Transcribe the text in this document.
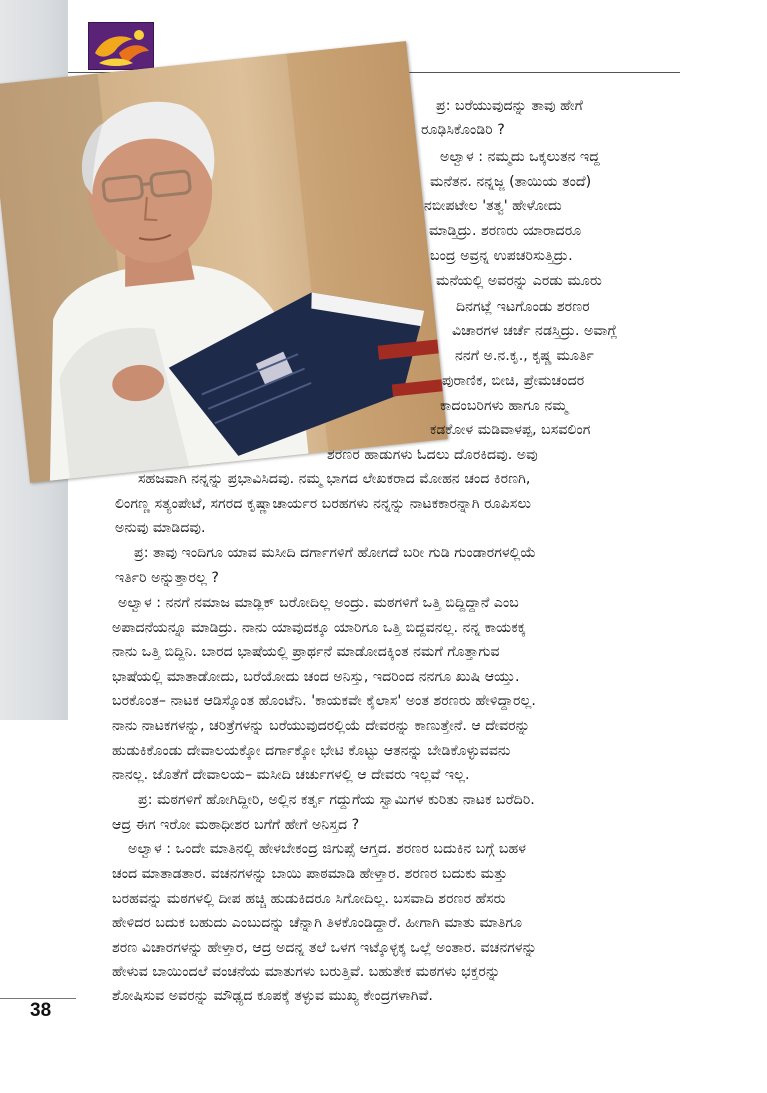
ಪ್ರ: ಬರೆಯುವುದನ್ನು ತಾವು ಹೇಗೆ
ರೂಢಿಸಿಕೊಂಡಿರಿ ?
ಅಲ್ವಾಳ : ನಮ್ಮದು ಒಕ್ಕಲುತನ ಇದ್ದ
ಮನೆತನ. ನನ್ನಜ್ಜ (ತಾಯಿಯ ತಂದೆ)
ನಬೀಪಟೇಲ 'ತತ್ವ' ಹೇಳೋದು
ಮಾಡ್ತಿದ್ರು. ಶರಣರು ಯಾರಾದರೂ
ಬಂದ್ರ ಅವ್ರನ್ನ ಉಪಚರಿಸುತ್ತಿದ್ರು.
ಮನೆಯಲ್ಲಿ ಅವರನ್ನು ಎರಡು ಮೂರು
ದಿನಗಟ್ಲೆ ಇಟಗೊಂಡು ಶರಣರ
ವಿಚಾರಗಳ ಚರ್ಚೆ ನಡಸ್ತಿದ್ರು. ಅವಾಗ್ಲೆ
ನನಗೆ ಅ.ನ.ಕೃ., ಕೃಷ್ಣ ಮೂರ್ತಿ
ಪುರಾಣಿಕ, ಬೀಚಿ, ಪ್ರೇಮಚಂದರ
ಕಾದಂಬರಿಗಳು ಹಾಗೂ ನಮ್ಮ
ಕಡಕೋಳ ಮಡಿವಾಳಪ್ಪ, ಬಸವಲಿಂಗ
ಶರಣರ ಹಾಡುಗಳು ಓದಲು ದೊರಕಿದವು. ಅವು
ಸಹಜವಾಗಿ ನನ್ನನ್ನು ಪ್ರಭಾವಿಸಿದವು. ನಮ್ಮ ಭಾಗದ ಲೇಖಕರಾದ ಮೋಹನ ಚಂದ ಕಿರಣಗಿ,
ಲಿಂಗಣ್ಣ ಸತ್ಯಂಪೇಟೆ, ಸಗರದ ಕೃಷ್ಣಾಚಾರ್ಯರ ಬರಹಗಳು ನನ್ನನ್ನು ನಾಟಕಕಾರನ್ನಾಗಿ ರೂಪಿಸಲು
ಅನುವು ಮಾಡಿದವು.
ಪ್ರ: ತಾವು ಇಂದಿಗೂ ಯಾವ ಮಸೀದಿ ದರ್ಗಾಗಳಿಗೆ ಹೋಗದೆ ಬರೀ ಗುಡಿ ಗುಂಡಾರಗಳಲ್ಲಿಯೆ
ಇರ್ತಿರಿ ಅನ್ನುತ್ತಾರಲ್ಲ ?
ಅಲ್ವಾಳ : ನನಗೆ ನಮಾಜ ಮಾಡ್ಲಿಕ್ ಬರೋದಿಲ್ಲ ಅಂದ್ರು. ಮಠಗಳಿಗೆ ಒತ್ತಿ ಬಿದ್ದಿದ್ದಾನೆ ಎಂಬ
ಅಪಾದನೆಯನ್ನೂ ಮಾಡಿದ್ರು. ನಾನು ಯಾವುದಕ್ಕೂ ಯಾರಿಗೂ ಒತ್ತಿ ಬಿದ್ದವನಲ್ಲ. ನನ್ನ ಕಾಯಕಕ್ಕ
ನಾನು ಒತ್ತಿ ಬಿದ್ದಿನಿ. ಬಾರದ ಭಾಷೆಯಲ್ಲಿ ಪ್ರಾರ್ಥನೆ ಮಾಡೋದಕ್ಕಿಂತ ನಮಗೆ ಗೊತ್ತಾಗುವ
ಭಾಷೆಯಲ್ಲಿ ಮಾತಾಡೋದು, ಬರೆಯೋದು ಚಂದ ಅನಿಸ್ತು, ಇದರಿಂದ ನನಗೂ ಖುಷಿ ಆಯ್ತು.
ಬರಕೊಂತ– ನಾಟಕ ಆಡಿಸ್ಕೊಂತ ಹೊಂಟೆನಿ. 'ಕಾಯಕವೇ ಕೈಲಾಸ' ಅಂತ ಶರಣರು ಹೇಳಿದ್ದಾರಲ್ಲ.
ನಾನು ನಾಟಕಗಳನ್ನು, ಚರಿತ್ರೆಗಳನ್ನು ಬರೆಯುವುದರಲ್ಲಿಯೆ ದೇವರನ್ನು ಕಾಣುತ್ತೇನೆ. ಆ ದೇವರನ್ನು
ಹುಡುಕಿಕೊಂಡು ದೇವಾಲಯಕ್ಕೋ ದರ್ಗಾಕ್ಕೋ ಭೇಟಿ ಕೊಟ್ಟು ಆತನನ್ನು ಬೇಡಿಕೊಳ್ಳುವವನು
ನಾನಲ್ಲ. ಜೊತೆಗೆ ದೇವಾಲಯ– ಮಸೀದಿ ಚರ್ಚುಗಳಲ್ಲಿ ಆ ದೇವರು ಇಲ್ಲವೆ ಇಲ್ಲ.
ಪ್ರ: ಮಠಗಳಿಗೆ ಹೋಗಿದ್ದೀರಿ, ಅಲ್ಲಿನ ಕರ್ತೃ ಗದ್ದುಗೆಯ ಸ್ವಾಮಿಗಳ ಕುರಿತು ನಾಟಕ ಬರೆದಿರಿ.
ಆದ್ರ ಈಗ ಇರೋ ಮಠಾಧೀಶರ ಬಗೆಗೆ ಹೇಗೆ ಅನಿಸ್ತದ ?
ಅಲ್ವಾಳ : ಒಂದೇ ಮಾತಿನಲ್ಲಿ ಹೇಳಬೇಕಂದ್ರ ಜಿಗುಪ್ಸೆ ಆಗ್ತದ. ಶರಣರ ಬದುಕಿನ ಬಗ್ಗೆ ಬಹಳ
ಚಂದ ಮಾತಾಡತಾರ. ವಚನಗಳನ್ನು ಬಾಯಿ ಪಾಠಮಾಡಿ ಹೇಳ್ತಾರ. ಶರಣರ ಬದುಕು ಮತ್ತು
ಬರಹವನ್ನು ಮಠಗಳಲ್ಲಿ ದೀಪ ಹಚ್ಚಿ ಹುಡುಕಿದರೂ ಸಿಗೋದಿಲ್ಲ. ಬಸವಾದಿ ಶರಣರ ಹೆಸರು
ಹೇಳಿದರ ಬದುಕ ಬಹುದು ಎಂಬುದನ್ನು ಚೆನ್ನಾಗಿ ತಿಳಕೊಂಡಿದ್ದಾರೆ. ಹೀಗಾಗಿ ಮಾತು ಮಾತಿಗೂ
ಶರಣ ವಿಚಾರಗಳನ್ನು ಹೇಳ್ತಾರ, ಆದ್ರ ಅದನ್ನ ತಲೆ ಒಳಗ ಇಟ್ಕೊಳ್ಳಕ್ಕ ಒಲ್ಲೆ ಅಂತಾರ. ವಚನಗಳನ್ನು
ಹೇಳುವ ಬಾಯಿಂದಲೆ ವಂಚನೆಯ ಮಾತುಗಳು ಬರುತ್ತಿವೆ. ಬಹುತೇಕ ಮಠಗಳು ಭಕ್ತರನ್ನು
ಶೋಷಿಸುವ ಅವರನ್ನು ಮೌಢ್ಯದ ಕೂಪಕ್ಕೆ ತಳ್ಳುವ ಮುಖ್ಯ ಕೇಂದ್ರಗಳಾಗಿವೆ.
38
